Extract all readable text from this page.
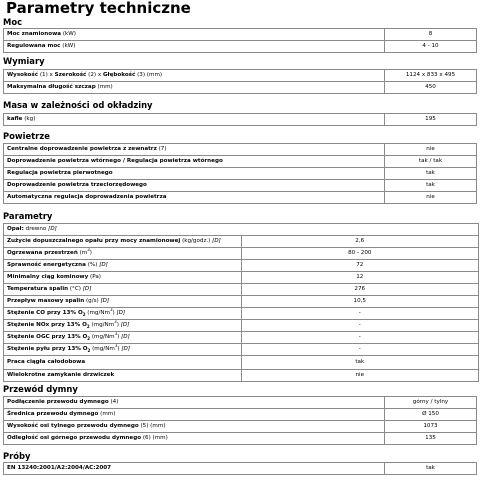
Parametry techniczne
Moc
Moc znamionowa (kW)	8
Regulowana moc (kW)	4 - 10
Wymiary
Wysokość (1) x Szerokość (2) x Głębokość (3) (mm)	1124 x 833 x 495
Maksymalna długość szczap (mm)	450
Masa w zależności od okładziny
kafle (kg)	195
Powietrze
Centralne doprowadzenie powietrza z zewnatrz (7)	nie
Doprowadzenie powietrza wtórnego / Regulacja powietrza wtórnego	tak / tak
Regulacja powietrza pierwotnego	tak
Doprowadzenie powietrza trzeciorzędowego	tak
Automatyczna regulacja doprowadzenia powietrza	nie
Parametry
Opał: drewno [D]	
Zużycie dopuszczalnego opału przy mocy znamionowej (kg/godz.) [D]	2,6
Ogrzewana przestrzeń $(m^3)$	80 - 200
Sprawność energetyczna (%) [D]	72
Minimalny ciąg kominowy (Pa)	12
Temperatura spalin (°C) [D]	276
Przepływ masowy spalin (g/s) [D]	10,5
Stężenie CO przy 13% $O_2$ (mg/Nm$^3$) [D]	-
Stężenie NOx przy 13% $O_2$ (mg/Nm$^3$) [D]	-
Stężenie OGC przy 13% $O_2$ (mg/Nm$^3$) [D]	-
Stężenie pyłu przy 13% $O_2$ (mg/Nm$^3$) [D]	-
Praca ciągła całodobowa	tak
Wielokrotne zamykanie drzwiczek	nie
Przewód dymny
Podłączenie przewodu dymnego (4)	górny / tylny
Średnica przewodu dymnego (mm)	Ø 150
Wysokość osi tylnego przewodu dymnego (5) (mm)	1073
Odległość osi górnego przewodu dymnego (6) (mm)	135
Próby
EN 13240:2001/A2:2004/AC:2007	tak
